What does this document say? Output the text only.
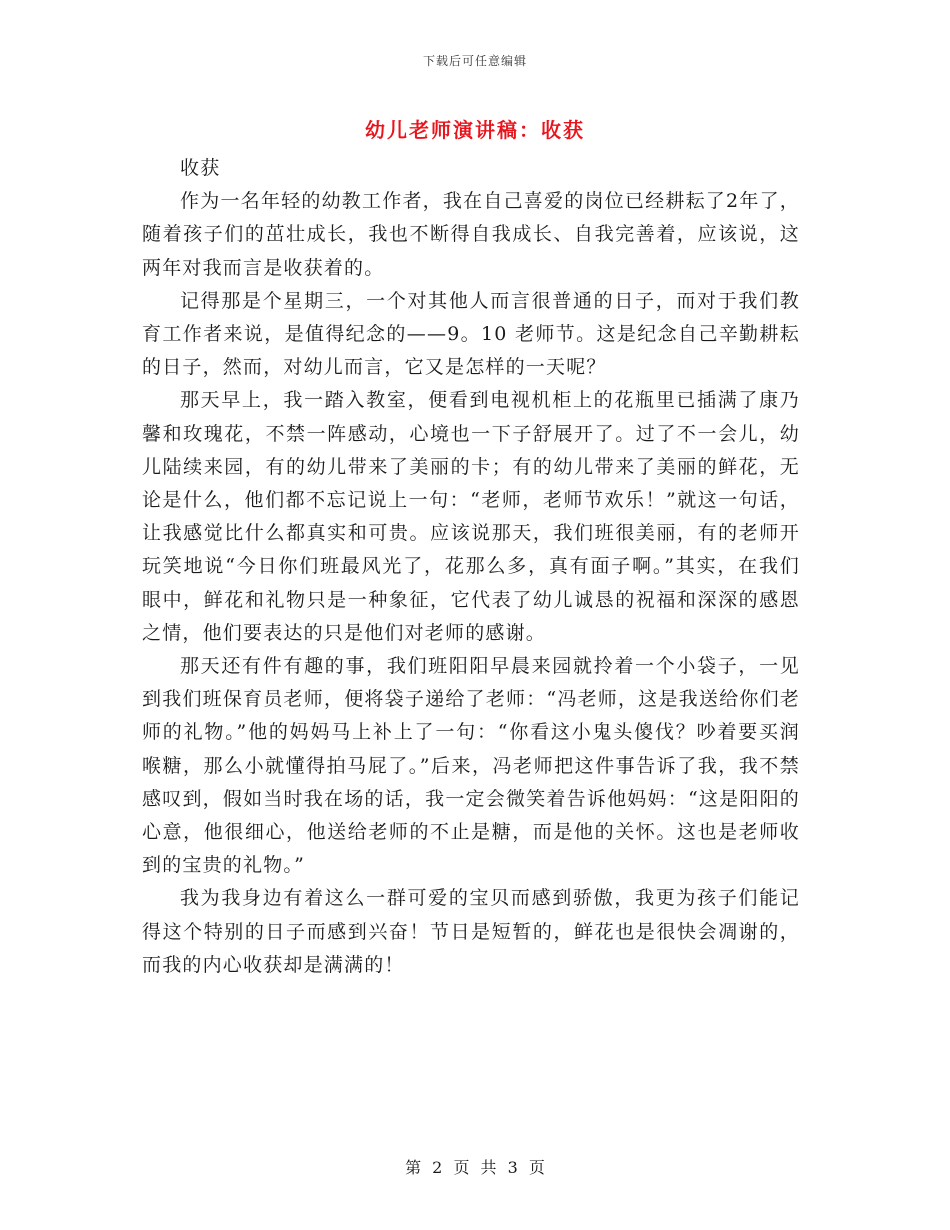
下载后可任意编辑
幼儿老师演讲稿：收获

收获

作为一名年轻的幼教工作者，我在自己喜爱的岗位已经耕耘了2年了，随着孩子们的茁壮成长，我也不断得自我成长、自我完善着，应该说，这两年对我而言是收获着的。

记得那是个星期三，一个对其他人而言很普通的日子，而对于我们教育工作者来说，是值得纪念的——9。10 老师节。这是纪念自己辛勤耕耘的日子，然而，对幼儿而言，它又是怎样的一天呢？

那天早上，我一踏入教室，便看到电视机柜上的花瓶里已插满了康乃馨和玫瑰花，不禁一阵感动，心境也一下子舒展开了。过了不一会儿，幼儿陆续来园，有的幼儿带来了美丽的卡；有的幼儿带来了美丽的鲜花，无论是什么，他们都不忘记说上一句：“老师，老师节欢乐！”就这一句话，让我感觉比什么都真实和可贵。应该说那天，我们班很美丽，有的老师开玩笑地说“今日你们班最风光了，花那么多，真有面子啊。”其实，在我们眼中，鲜花和礼物只是一种象征，它代表了幼儿诚恳的祝福和深深的感恩之情，他们要表达的只是他们对老师的感谢。

那天还有件有趣的事，我们班阳阳早晨来园就拎着一个小袋子，一见到我们班保育员老师，便将袋子递给了老师：“冯老师，这是我送给你们老师的礼物。”他的妈妈马上补上了一句：“你看这小鬼头傻伐？吵着要买润喉糖，那么小就懂得拍马屁了。”后来，冯老师把这件事告诉了我，我不禁感叹到，假如当时我在场的话，我一定会微笑着告诉他妈妈：“这是阳阳的心意，他很细心，他送给老师的不止是糖，而是他的关怀。这也是老师收到的宝贵的礼物。”

我为我身边有着这么一群可爱的宝贝而感到骄傲，我更为孩子们能记得这个特别的日子而感到兴奋！节日是短暂的，鲜花也是很快会凋谢的，而我的内心收获却是满满的！

第 2 页 共 3 页
